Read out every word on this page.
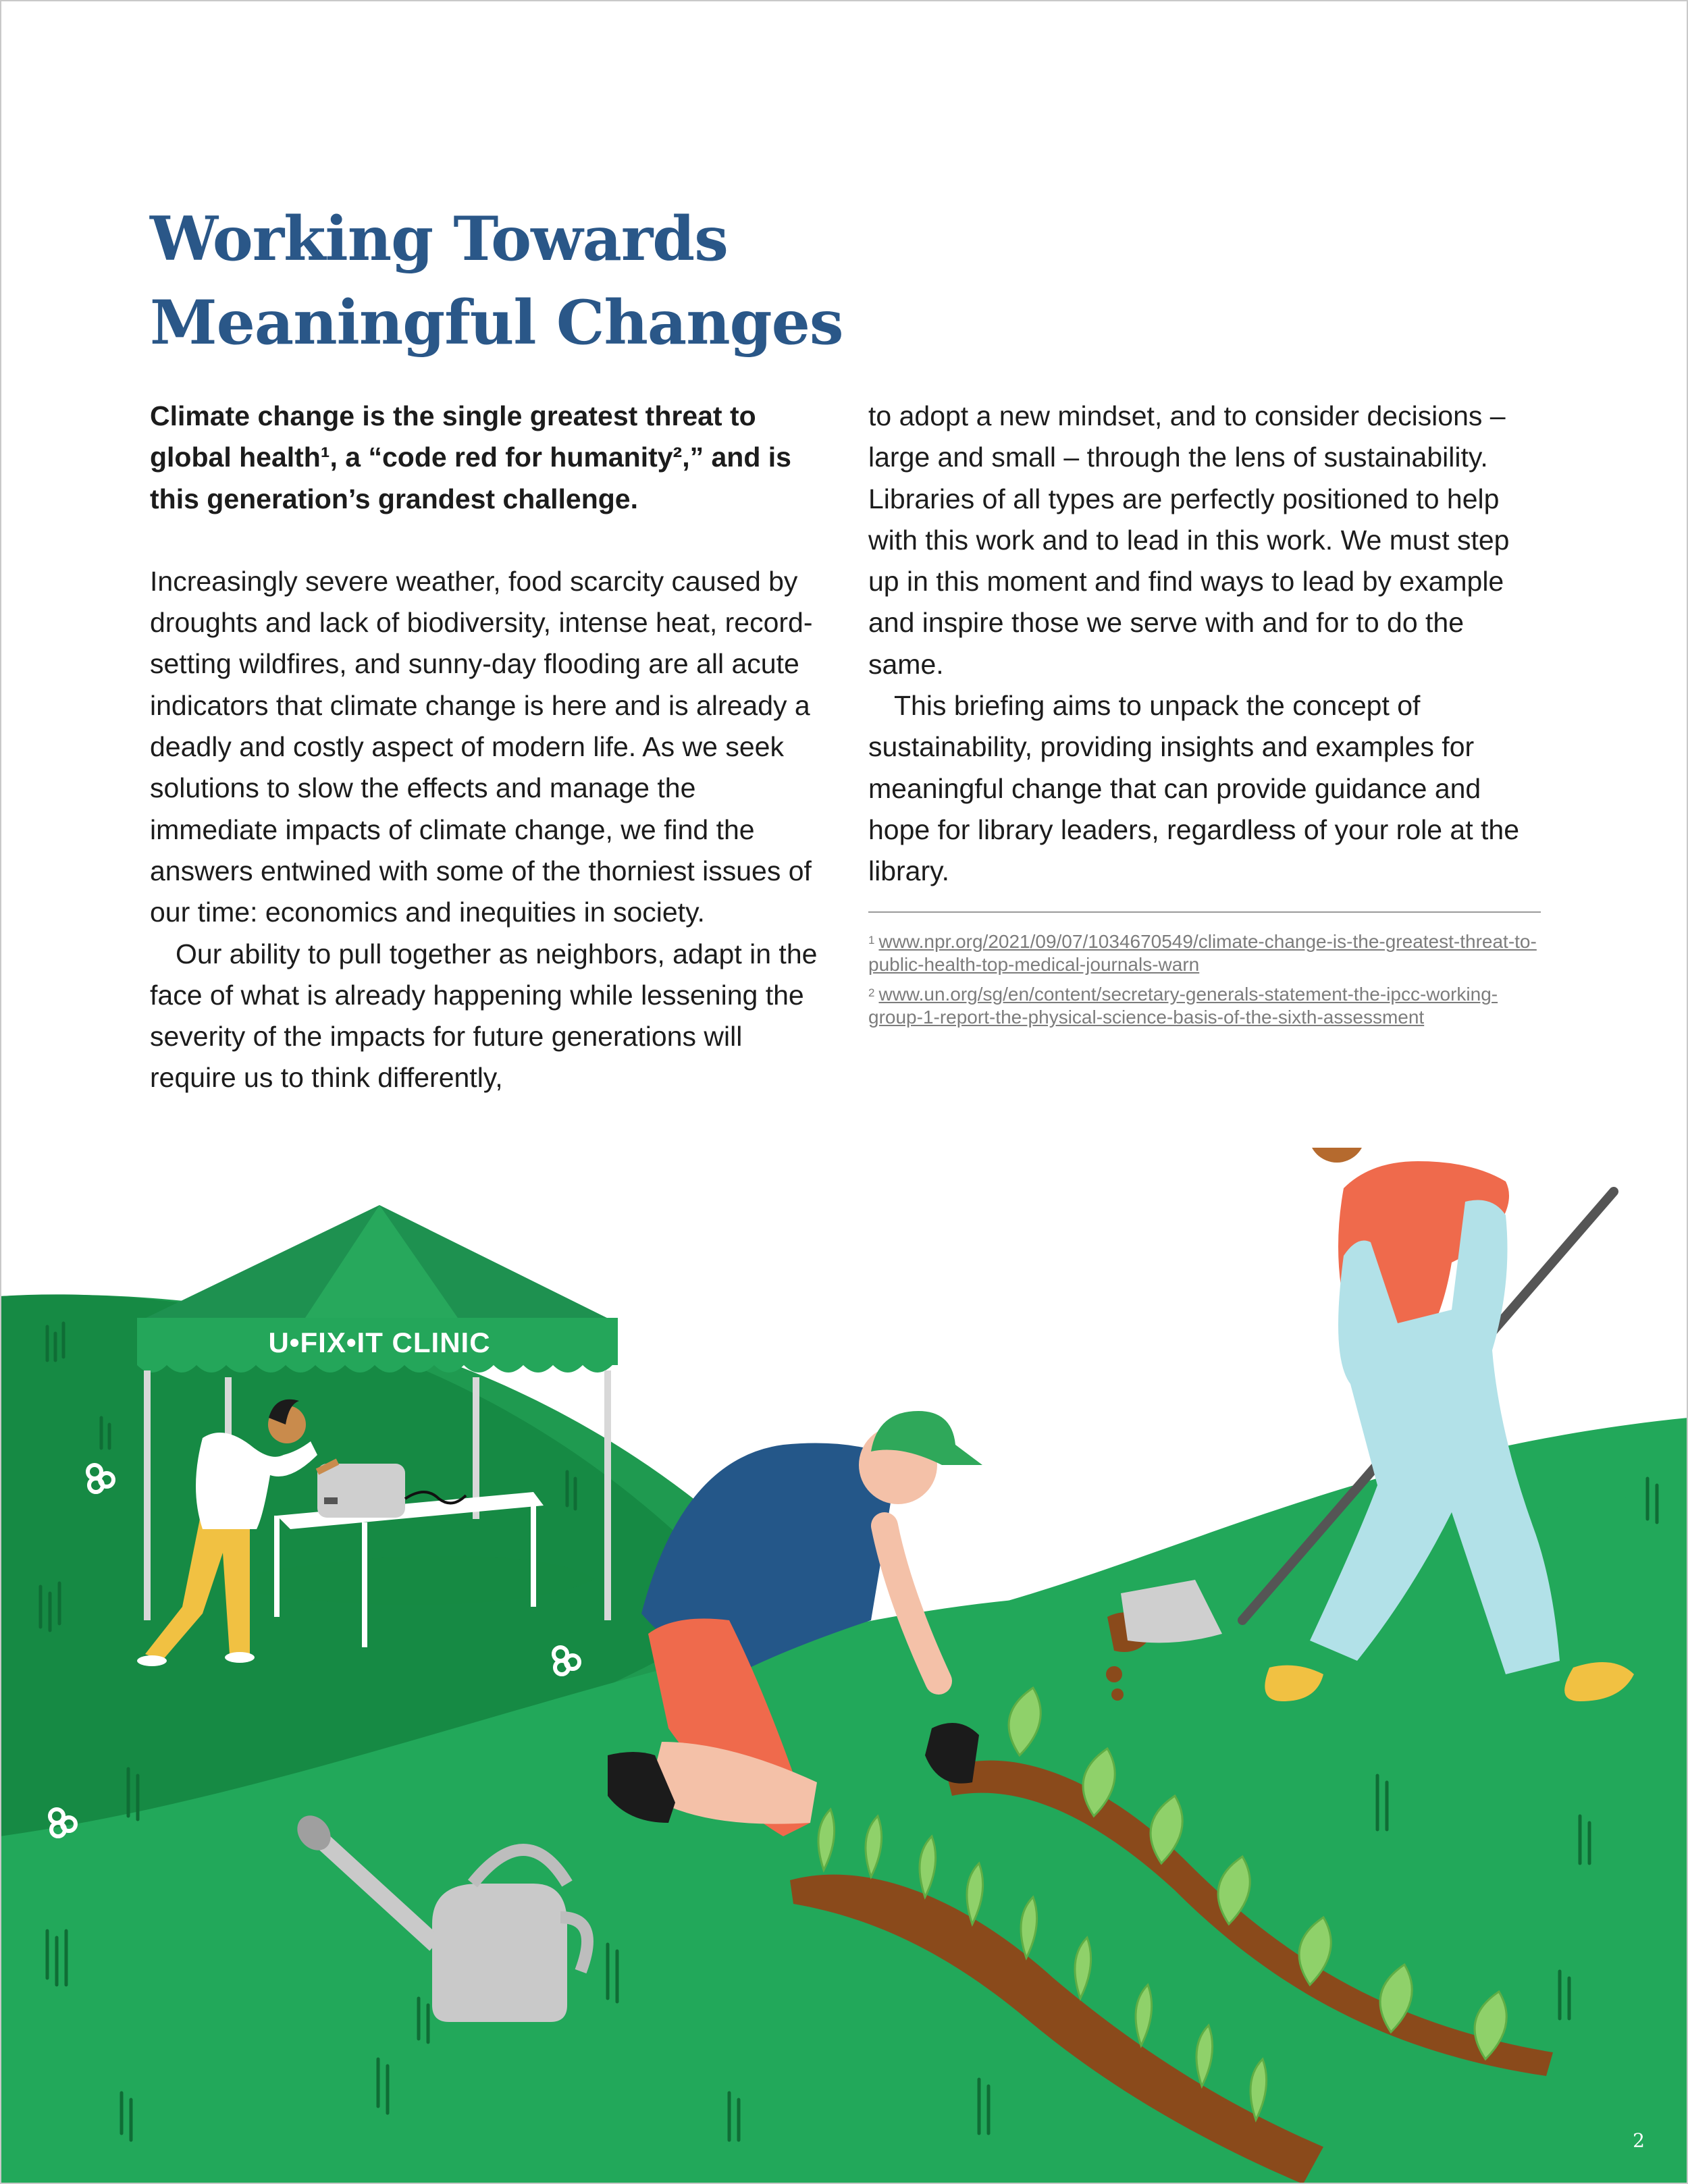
Working Towards
Meaningful Changes

Climate change is the single greatest threat to global health¹, a “code red for humanity²,” and is this generation’s grandest challenge.

Increasingly severe weather, food scarcity caused by droughts and lack of biodiversity, intense heat, record-setting wildfires, and sunny-day flooding are all acute indicators that climate change is here and is already a deadly and costly aspect of modern life. As we seek solutions to slow the effects and manage the immediate impacts of climate change, we find the answers entwined with some of the thorniest issues of our time: economics and inequities in society.

Our ability to pull together as neighbors, adapt in the face of what is already happening while lessening the severity of the impacts for future generations will require us to think differently,

to adopt a new mindset, and to consider decisions – large and small – through the lens of sustainability. Libraries of all types are perfectly positioned to help with this work and to lead in this work. We must step up in this moment and find ways to lead by example and inspire those we serve with and for to do the same.

This briefing aims to unpack the concept of sustainability, providing insights and examples for meaningful change that can provide guidance and hope for library leaders, regardless of your role at the library.

$^1$ www.npr.org/2021/09/07/1034670549/climate-change-is-the-greatest-threat-to-public-health-top-medical-journals-warn

$^2$ www.un.org/sg/en/content/secretary-generals-statement-the-ipcc-working-group-1-report-the-physical-science-basis-of-the-sixth-assessment

U•FIX•IT CLINIC
2
